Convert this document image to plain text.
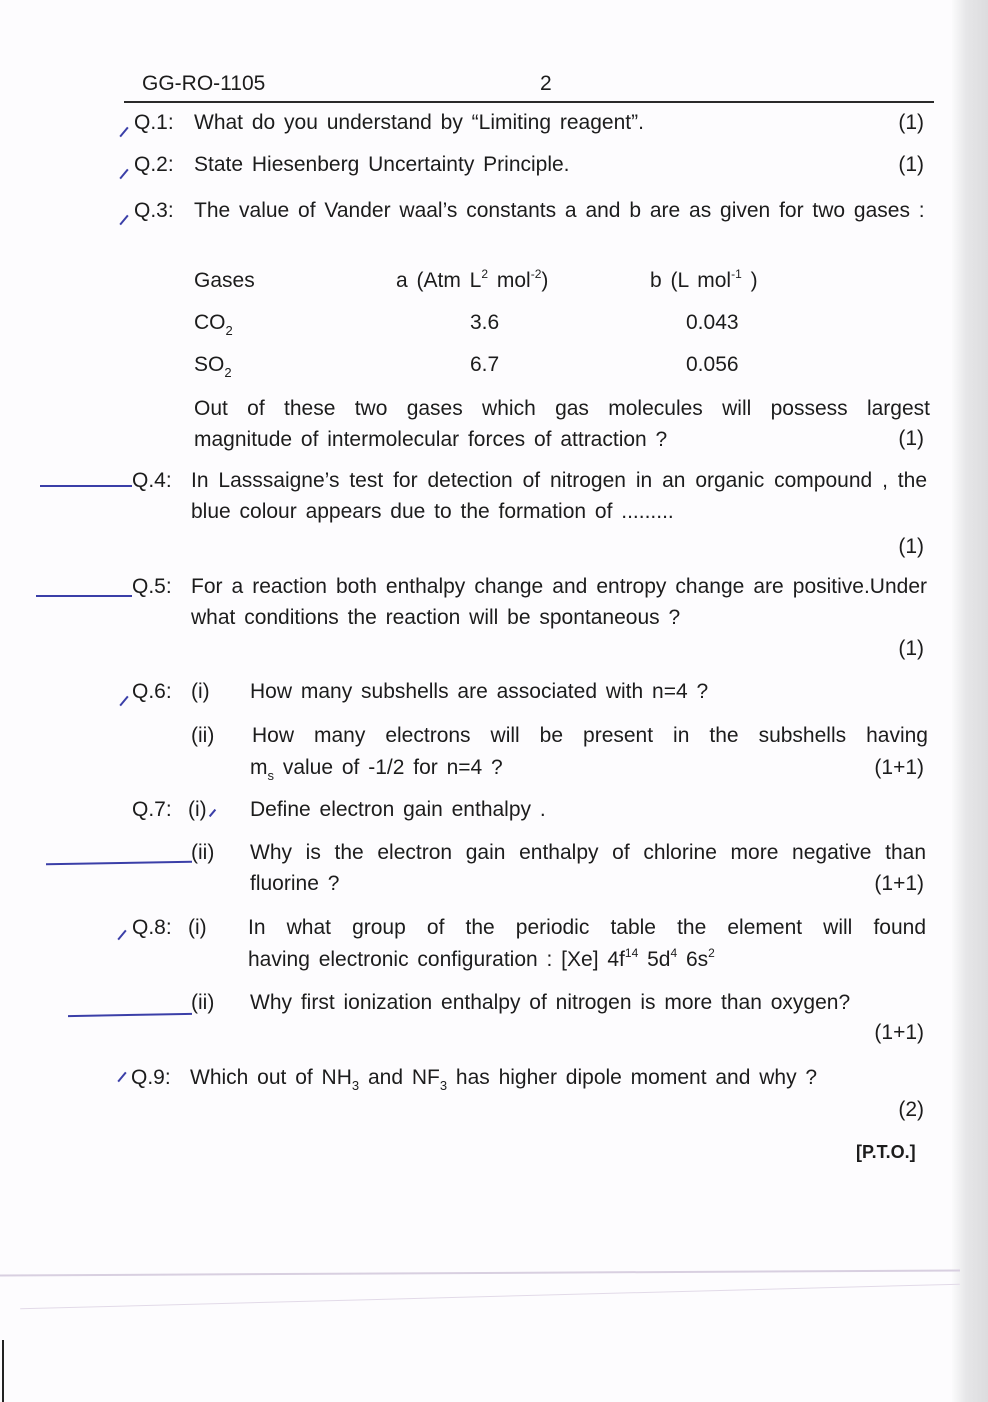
GG-RO-1105	2
Q.1: What do you understand by “Limiting reagent”.	(1)
Q.2: State Hiesenberg Uncertainty Principle.	(1)
Q.3: The value of Vander waal’s constants a and b are as given for two gases :
Gases	a (Atm $L^2$ mol$^{-2}$)	b (L mol$^{-1}$ )
$CO_2$	3.6	0.043
$SO_2$	6.7	0.056
Out of these two gases which gas molecules will possess largest magnitude of intermolecular forces of attraction ?	(1)
Q.4: In Lasssaigne’s test for detection of nitrogen in an organic compound , the blue colour appears due to the formation of .........
(1)
Q.5: For a reaction both enthalpy change and entropy change are positive.Under what conditions the reaction will be spontaneous ?
(1)
Q.6: (i) How many subshells are associated with n=4 ?
(ii) How many electrons will be present in the subshells having
$m_s$ value of -1/2 for n=4 ?	(1+1)
Q.7: (i) Define electron gain enthalpy .
(ii) Why is the electron gain enthalpy of chlorine more negative than fluorine ?	(1+1)
Q.8: (i) In what group of the periodic table the element will found
having electronic configuration : [Xe] $4f^{14}$ $5d^4$ $6s^2$
(ii) Why first ionization enthalpy of nitrogen is more than oxygen?
(1+1)
Q.9: Which out of $NH_3$ and $NF_3$ has higher dipole moment and why ?
(2)
[P.T.O.]
